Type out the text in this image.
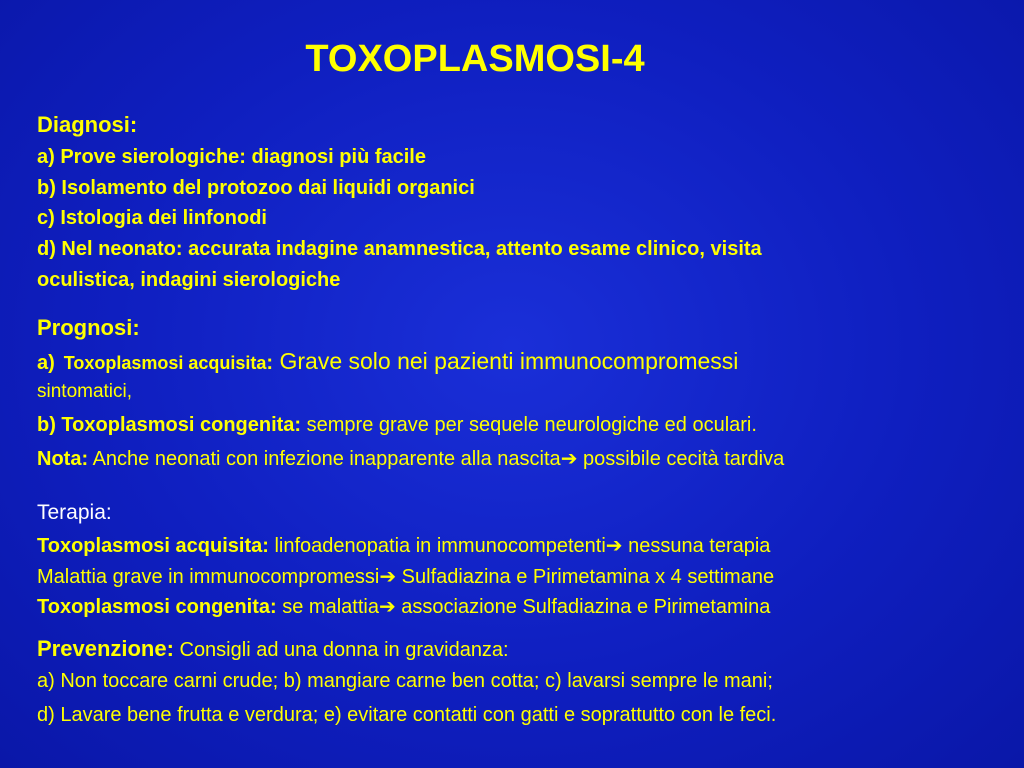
TOXOPLASMOSI-4
Diagnosi:
a) Prove sierologiche: diagnosi più facile
b) Isolamento del protozoo dai liquidi organici
c) Istologia dei linfonodi
d) Nel neonato: accurata indagine anamnestica, attento esame clinico, visita
oculistica, indagini sierologiche
Prognosi:
a) Toxoplasmosi acquisita: Grave solo nei pazienti immunocompromessi
sintomatici,
b) Toxoplasmosi congenita: sempre grave per sequele neurologiche ed oculari.
Nota: Anche neonati con infezione inapparente alla nascita➔ possibile cecità tardiva
Terapia:
Toxoplasmosi acquisita: linfoadenopatia in immunocompetenti➔ nessuna terapia
Malattia grave in immunocompromessi➔ Sulfadiazina e Pirimetamina x 4 settimane
Toxoplasmosi congenita: se malattia➔ associazione Sulfadiazina e Pirimetamina
Prevenzione: Consigli ad una donna in gravidanza:
a) Non toccare carni crude; b) mangiare carne ben cotta; c) lavarsi sempre le mani;
d) Lavare bene frutta e verdura; e) evitare contatti con gatti e soprattutto con le feci.
